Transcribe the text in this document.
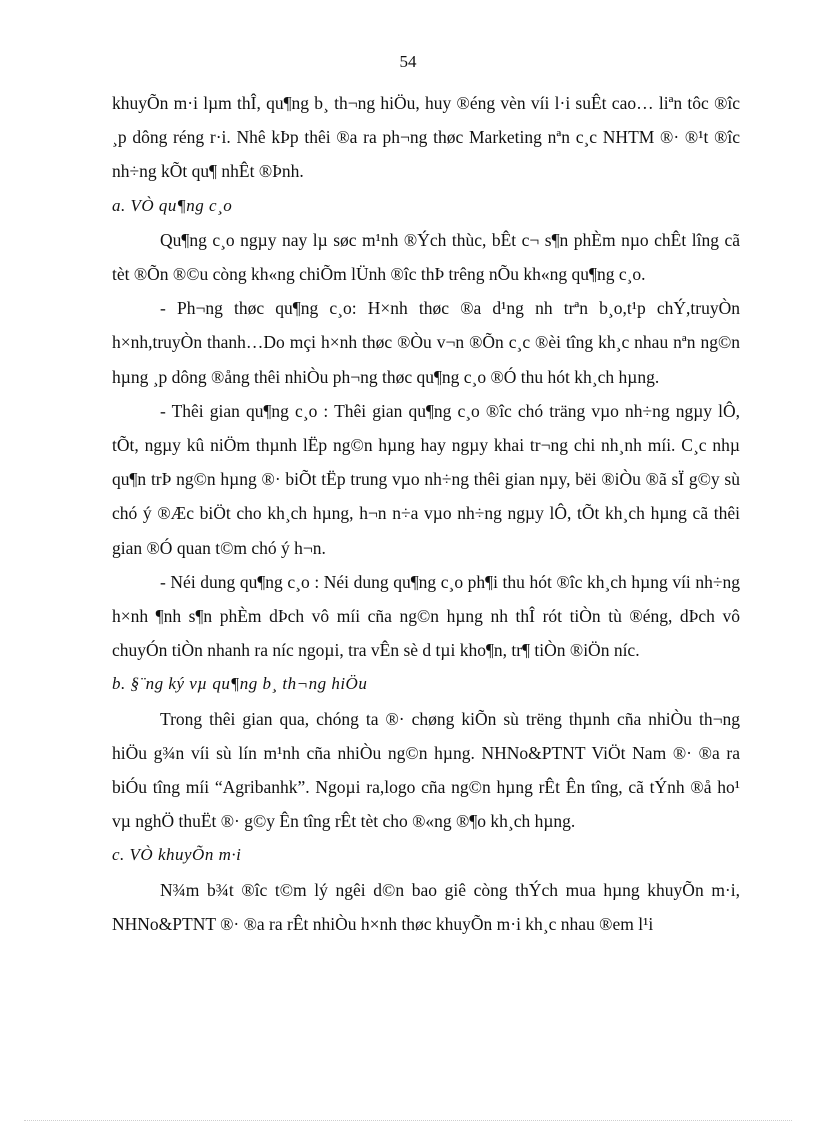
54

khuyÕn m·i lµm thÎ, qu¶ng b¸ th¬ng hiÖu, huy ®éng vèn víi l·i suÊt cao… liªn tôc ®îc ¸p dông réng r·i. Nhê kÞp thêi ®a ra ph¬ng thøc Marketing nªn c¸c NHTM ®· ®¹t ®îc nh÷ng kÕt qu¶ nhÊt ®Þnh.

a. VÒ qu¶ng c¸o

Qu¶ng c¸o ngµy nay lµ søc m¹nh ®Ých thùc, bÊt c¬ s¶n phÈm nµo chÊt lîng cã tèt ®Õn ®©u còng kh«ng chiÕm lÜnh ®îc thÞ trêng nÕu kh«ng qu¶ng c¸o.

- Ph¬ng thøc qu¶ng c¸o: H×nh thøc ®a d¹ng nh trªn b¸o,t¹p chÝ,truyÒn h×nh,truyÒn thanh…Do mçi h×nh thøc ®Òu v¬n ®Õn c¸c ®èi tîng kh¸c nhau nªn ng©n hµng ¸p dông ®ång thêi nhiÒu ph¬ng thøc qu¶ng c¸o ®Ó thu hót kh¸ch hµng.

- Thêi gian qu¶ng c¸o : Thêi gian qu¶ng c¸o ®îc chó träng vµo nh÷ng ngµy lÔ, tÕt, ngµy kû niÖm thµnh lËp ng©n hµng hay ngµy khai tr¬ng chi nh¸nh míi. C¸c nhµ qu¶n trÞ ng©n hµng ®· biÕt tËp trung vµo nh÷ng thêi gian nµy, bëi ®iÒu ®ã sÏ g©y sù chó ý ®Æc biÖt cho kh¸ch hµng, h¬n n÷a vµo nh÷ng ngµy lÔ, tÕt kh¸ch hµng cã thêi gian ®Ó quan t©m chó ý h¬n.

- Néi dung qu¶ng c¸o : Néi dung qu¶ng c¸o ph¶i thu hót ®îc kh¸ch hµng víi nh÷ng h×nh ¶nh s¶n phÈm dÞch vô míi cña ng©n hµng nh thÎ rót tiÒn tù ®éng, dÞch vô chuyÓn tiÒn nhanh ra níc ngoµi, tra vÊn sè d tµi kho¶n, tr¶ tiÒn ®iÖn níc.

b. §¨ng ký vµ qu¶ng b¸ th¬ng hiÖu

Trong thêi gian qua, chóng ta ®· chøng kiÕn sù trëng thµnh cña nhiÒu th¬ng hiÖu g¾n víi sù lín m¹nh cña nhiÒu ng©n hµng. NHNo&PTNT ViÖt Nam ®· ®a ra biÓu tîng míi “Agribanhk”. Ngoµi ra,logo cña ng©n hµng rÊt Ên tîng, cã tÝnh ®å ho¹ vµ nghÖ thuËt ®· g©y Ên tîng rÊt tèt cho ®«ng ®¶o kh¸ch hµng.

c. VÒ khuyÕn m·i

N¾m b¾t ®îc t©m lý ngêi d©n bao giê còng thÝch mua hµng khuyÕn m·i, NHNo&PTNT ®· ®a ra rÊt nhiÒu h×nh thøc khuyÕn m·i kh¸c nhau ®em l¹i
